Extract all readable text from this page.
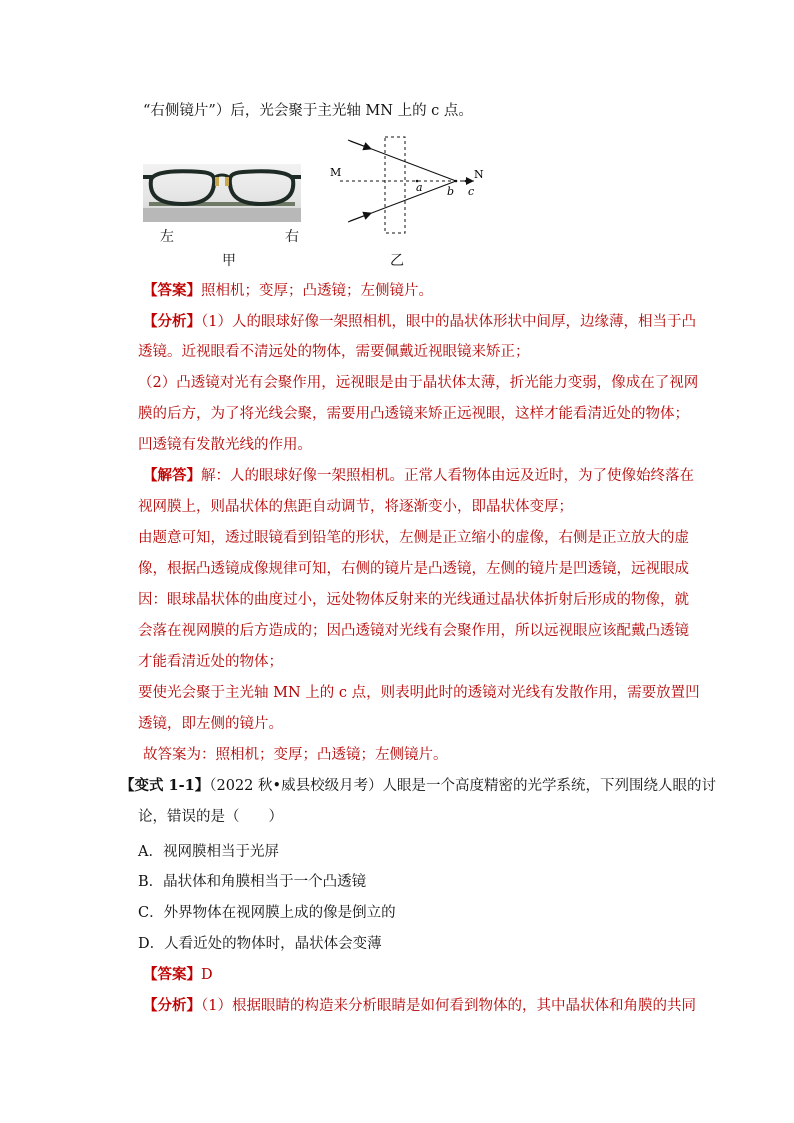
“右侧镜片”）后，光会聚于主光轴 MN 上的 c 点。
左	右
甲	乙
M	N
a b c
【答案】照相机；变厚；凸透镜；左侧镜片。
【分析】（1）人的眼球好像一架照相机，眼中的晶状体形状中间厚，边缘薄，相当于凸
透镜。近视眼看不清远处的物体，需要佩戴近视眼镜来矫正；
（2）凸透镜对光有会聚作用，远视眼是由于晶状体太薄，折光能力变弱，像成在了视网
膜的后方，为了将光线会聚，需要用凸透镜来矫正远视眼，这样才能看清近处的物体；
凹透镜有发散光线的作用。
【解答】解：人的眼球好像一架照相机。正常人看物体由远及近时，为了使像始终落在
视网膜上，则晶状体的焦距自动调节，将逐渐变小，即晶状体变厚；
由题意可知，透过眼镜看到铅笔的形状，左侧是正立缩小的虚像，右侧是正立放大的虚
像，根据凸透镜成像规律可知，右侧的镜片是凸透镜，左侧的镜片是凹透镜，远视眼成
因：眼球晶状体的曲度过小，远处物体反射来的光线通过晶状体折射后形成的物像，就
会落在视网膜的后方造成的；因凸透镜对光线有会聚作用，所以远视眼应该配戴凸透镜
才能看清近处的物体；
要使光会聚于主光轴 MN 上的 c 点，则表明此时的透镜对光线有发散作用，需要放置凹
透镜，即左侧的镜片。
故答案为：照相机；变厚；凸透镜；左侧镜片。
【变式 1-1】（2022 秋•威县校级月考）人眼是一个高度精密的光学系统，下列围绕人眼的讨
论，错误的是（　　）
A．视网膜相当于光屏
B．晶状体和角膜相当于一个凸透镜
C．外界物体在视网膜上成的像是倒立的
D．人看近处的物体时，晶状体会变薄
【答案】D
【分析】（1）根据眼睛的构造来分析眼睛是如何看到物体的，其中晶状体和角膜的共同
